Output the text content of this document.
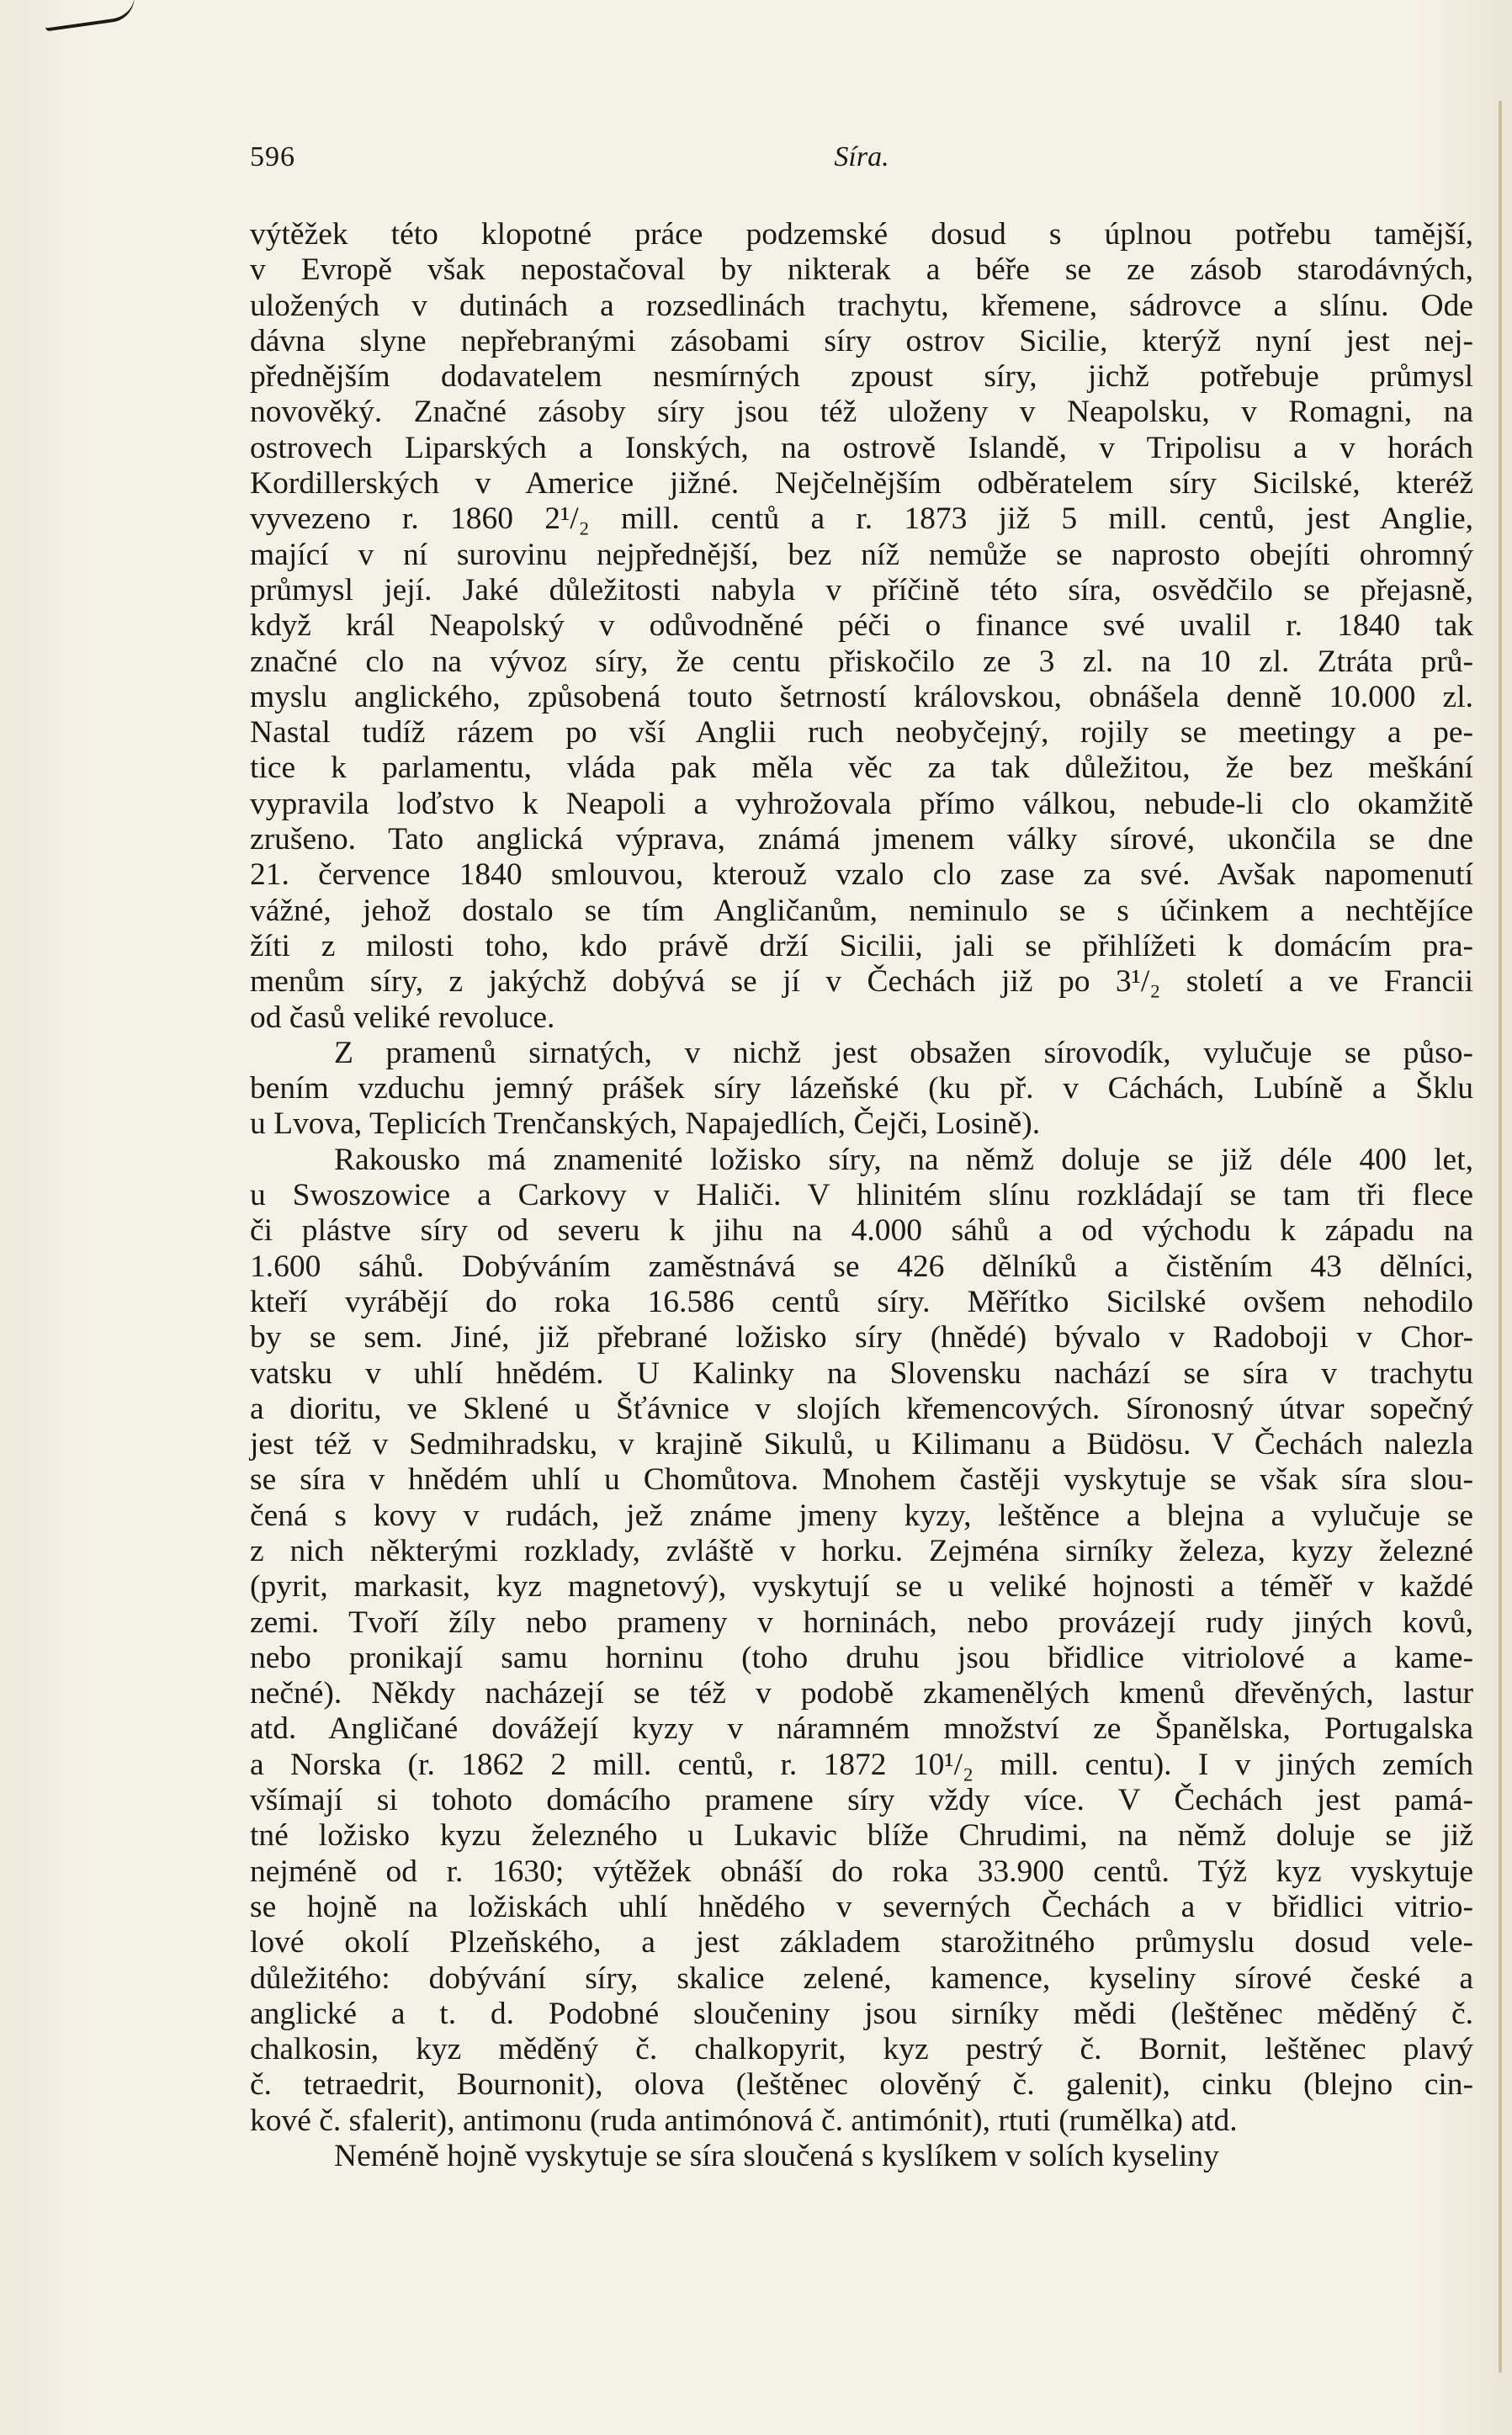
596	Síra.

výtěžek této klopotné práce podzemské dosud s úplnou potřebu tamější,
v Evropě však nepostačoval by nikterak a béře se ze zásob starodávných,
uložených v dutinách a rozsedlinách trachytu, křemene, sádrovce a slínu. Ode
dávna slyne nepřebranými zásobami síry ostrov Sicilie, kterýž nyní jest nej-
přednějším dodavatelem nesmírných zpoust síry, jichž potřebuje průmysl
novověký. Značné zásoby síry jsou též uloženy v Neapolsku, v Romagni, na
ostrovech Liparských a Ionských, na ostrově Islandě, v Tripolisu a v horách
Kordillerských v Americe jižné. Nejčelnějším odběratelem síry Sicilské, kteréž
vyvezeno r. 1860 2¹/₂ mill. centů a r. 1873 již 5 mill. centů, jest Anglie,
mající v ní surovinu nejpřednější, bez níž nemůže se naprosto obejíti ohromný
průmysl její. Jaké důležitosti nabyla v příčině této síra, osvědčilo se přejasně,
když král Neapolský v odůvodněné péči o finance své uvalil r. 1840 tak
značné clo na vývoz síry, že centu přiskočilo ze 3 zl. na 10 zl. Ztráta prů-
myslu anglického, způsobená touto šetrností královskou, obnášela denně 10.000 zl.
Nastal tudíž rázem po vší Anglii ruch neobyčejný, rojily se meetingy a pe-
tice k parlamentu, vláda pak měla věc za tak důležitou, že bez meškání
vypravila loďstvo k Neapoli a vyhrožovala přímo válkou, nebude-li clo okamžitě
zrušeno. Tato anglická výprava, známá jmenem války sírové, ukončila se dne
21. července 1840 smlouvou, kterouž vzalo clo zase za své. Avšak napomenutí
vážné, jehož dostalo se tím Angličanům, neminulo se s účinkem a nechtějíce
žíti z milosti toho, kdo právě drží Sicilii, jali se přihlížeti k domácím pra-
menům síry, z jakýchž dobývá se jí v Čechách již po 3¹/₂ století a ve Francii
od časů veliké revoluce.

Z pramenů sirnatých, v nichž jest obsažen sírovodík, vylučuje se půso-
bením vzduchu jemný prášek síry lázeňské (ku př. v Cáchách, Lubíně a Šklu
u Lvova, Teplicích Trenčanských, Napajedlích, Čejči, Losině).

Rakousko má znamenité ložisko síry, na němž doluje se již déle 400 let,
u Swoszowice a Carkovy v Haliči. V hlinitém slínu rozkládají se tam tři flece
či plástve síry od severu k jihu na 4.000 sáhů a od východu k západu na
1.600 sáhů. Dobýváním zaměstnává se 426 dělníků a čistěním 43 dělníci,
kteří vyrábějí do roka 16.586 centů síry. Měřítko Sicilské ovšem nehodilo
by se sem. Jiné, již přebrané ložisko síry (hnědé) bývalo v Radoboji v Chor-
vatsku v uhlí hnědém. U Kalinky na Slovensku nachází se síra v trachytu
a dioritu, ve Sklené u Šťávnice v slojích křemencových. Síronosný útvar sopečný
jest též v Sedmihradsku, v krajině Sikulů, u Kilimanu a Büdösu. V Čechách nalezla
se síra v hnědém uhlí u Chomůtova. Mnohem častěji vyskytuje se však síra slou-
čená s kovy v rudách, jež známe jmeny kyzy, leštěnce a blejna a vylučuje se
z nich některými rozklady, zvláště v horku. Zejména sirníky železa, kyzy železné
(pyrit, markasit, kyz magnetový), vyskytují se u veliké hojnosti a téměř v každé
zemi. Tvoří žíly nebo prameny v horninách, nebo provázejí rudy jiných kovů,
nebo pronikají samu horninu (toho druhu jsou břidlice vitriolové a kame-
nečné). Někdy nacházejí se též v podobě zkamenělých kmenů dřevěných, lastur
atd. Angličané dovážejí kyzy v náramném množství ze Španělska, Portugalska
a Norska (r. 1862 2 mill. centů, r. 1872 10¹/₂ mill. centu). I v jiných zemích
všímají si tohoto domácího pramene síry vždy více. V Čechách jest pamá-
tné ložisko kyzu železného u Lukavic blíže Chrudimi, na němž doluje se již
nejméně od r. 1630; výtěžek obnáší do roka 33.900 centů. Týž kyz vyskytuje
se hojně na ložiskách uhlí hnědého v severných Čechách a v břidlici vitrio-
lové okolí Plzeňského, a jest základem starožitného průmyslu dosud vele-
důležitého: dobývání síry, skalice zelené, kamence, kyseliny sírové české a
anglické a t. d. Podobné sloučeniny jsou sirníky mědi (leštěnec měděný č.
chalkosin, kyz měděný č. chalkopyrit, kyz pestrý č. Bornit, leštěnec plavý
č. tetraedrit, Bournonit), olova (leštěnec olověný č. galenit), cinku (blejno cin-
kové č. sfalerit), antimonu (ruda antimónová č. antimónit), rtuti (rumělka) atd.

Neméně hojně vyskytuje se síra sloučená s kyslíkem v solích kyseliny
